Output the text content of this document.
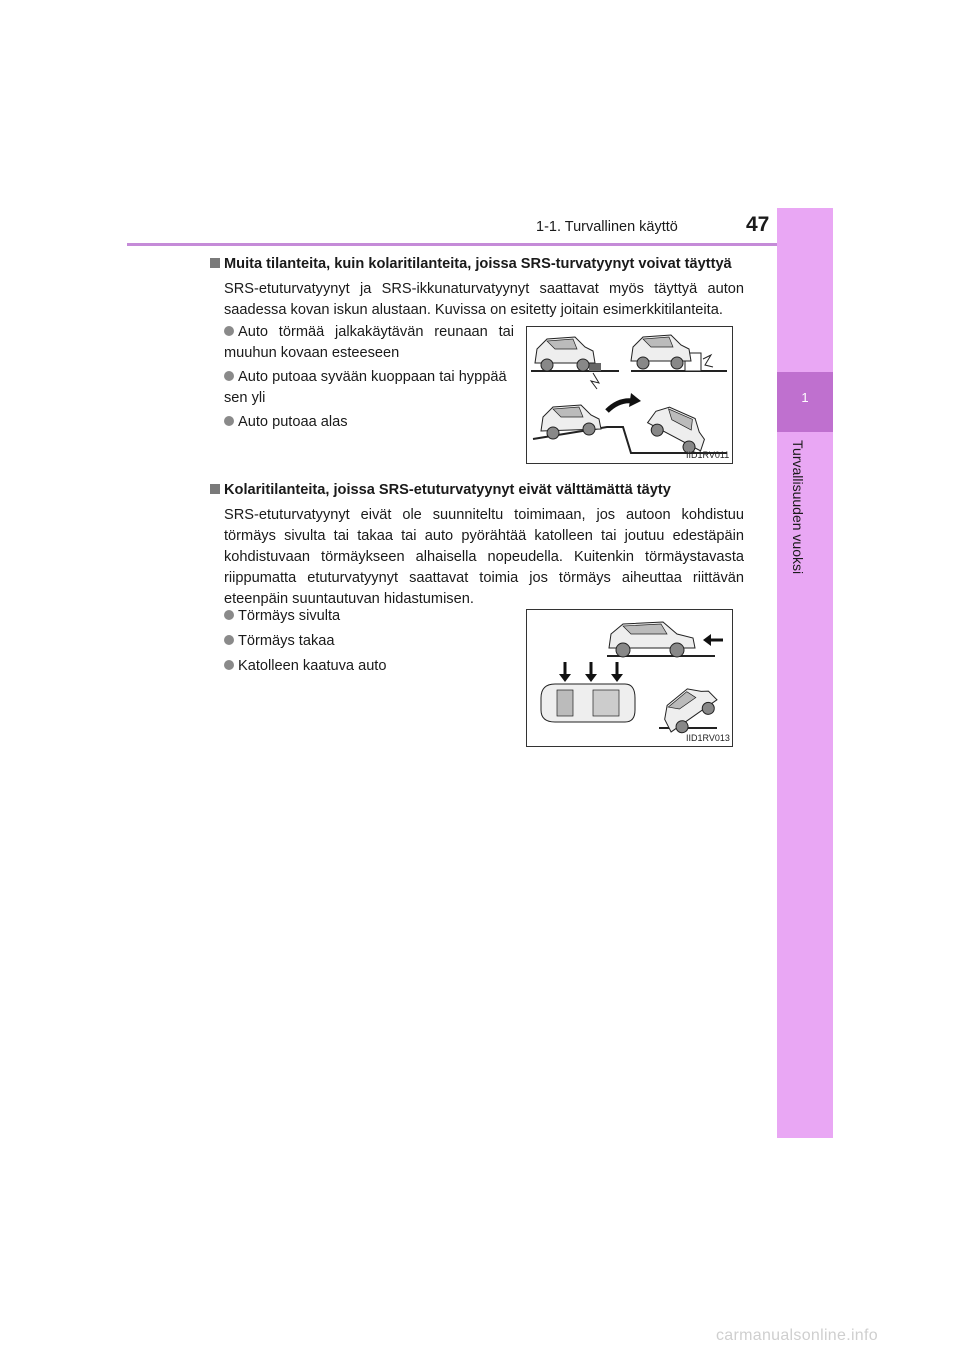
1-1. Turvallinen käyttö	47
1
Turvallisuuden vuoksi
Muita tilanteita, kuin kolaritilanteita, joissa SRS-turvatyynyt voivat täyttyä
SRS-etuturvatyynyt ja SRS-ikkunaturvatyynyt saattavat myös täyttyä auton saadessa kovan iskun alustaan. Kuvissa on esitetty joitain esimerkkitilanteita.
Auto törmää jalkakäytävän reunaan tai muuhun kovaan esteeseen
Auto putoaa syvään kuoppaan tai hyppää sen yli
Auto putoaa alas
IID1RV011
Kolaritilanteita, joissa SRS-etuturvatyynyt eivät välttämättä täyty
SRS-etuturvatyynyt eivät ole suunniteltu toimimaan, jos autoon kohdistuu törmäys sivulta tai takaa tai auto pyörähtää katolleen tai joutuu edestäpäin kohdistuvaan törmäykseen alhaisella nopeudella. Kuitenkin törmäystavasta riippumatta etuturvatyynyt saattavat toimia jos törmäys aiheuttaa riittävän eteenpäin suuntautuvan hidastumisen.
Törmäys sivulta
Törmäys takaa
Katolleen kaatuva auto
IID1RV013
carmanualsonline.info
